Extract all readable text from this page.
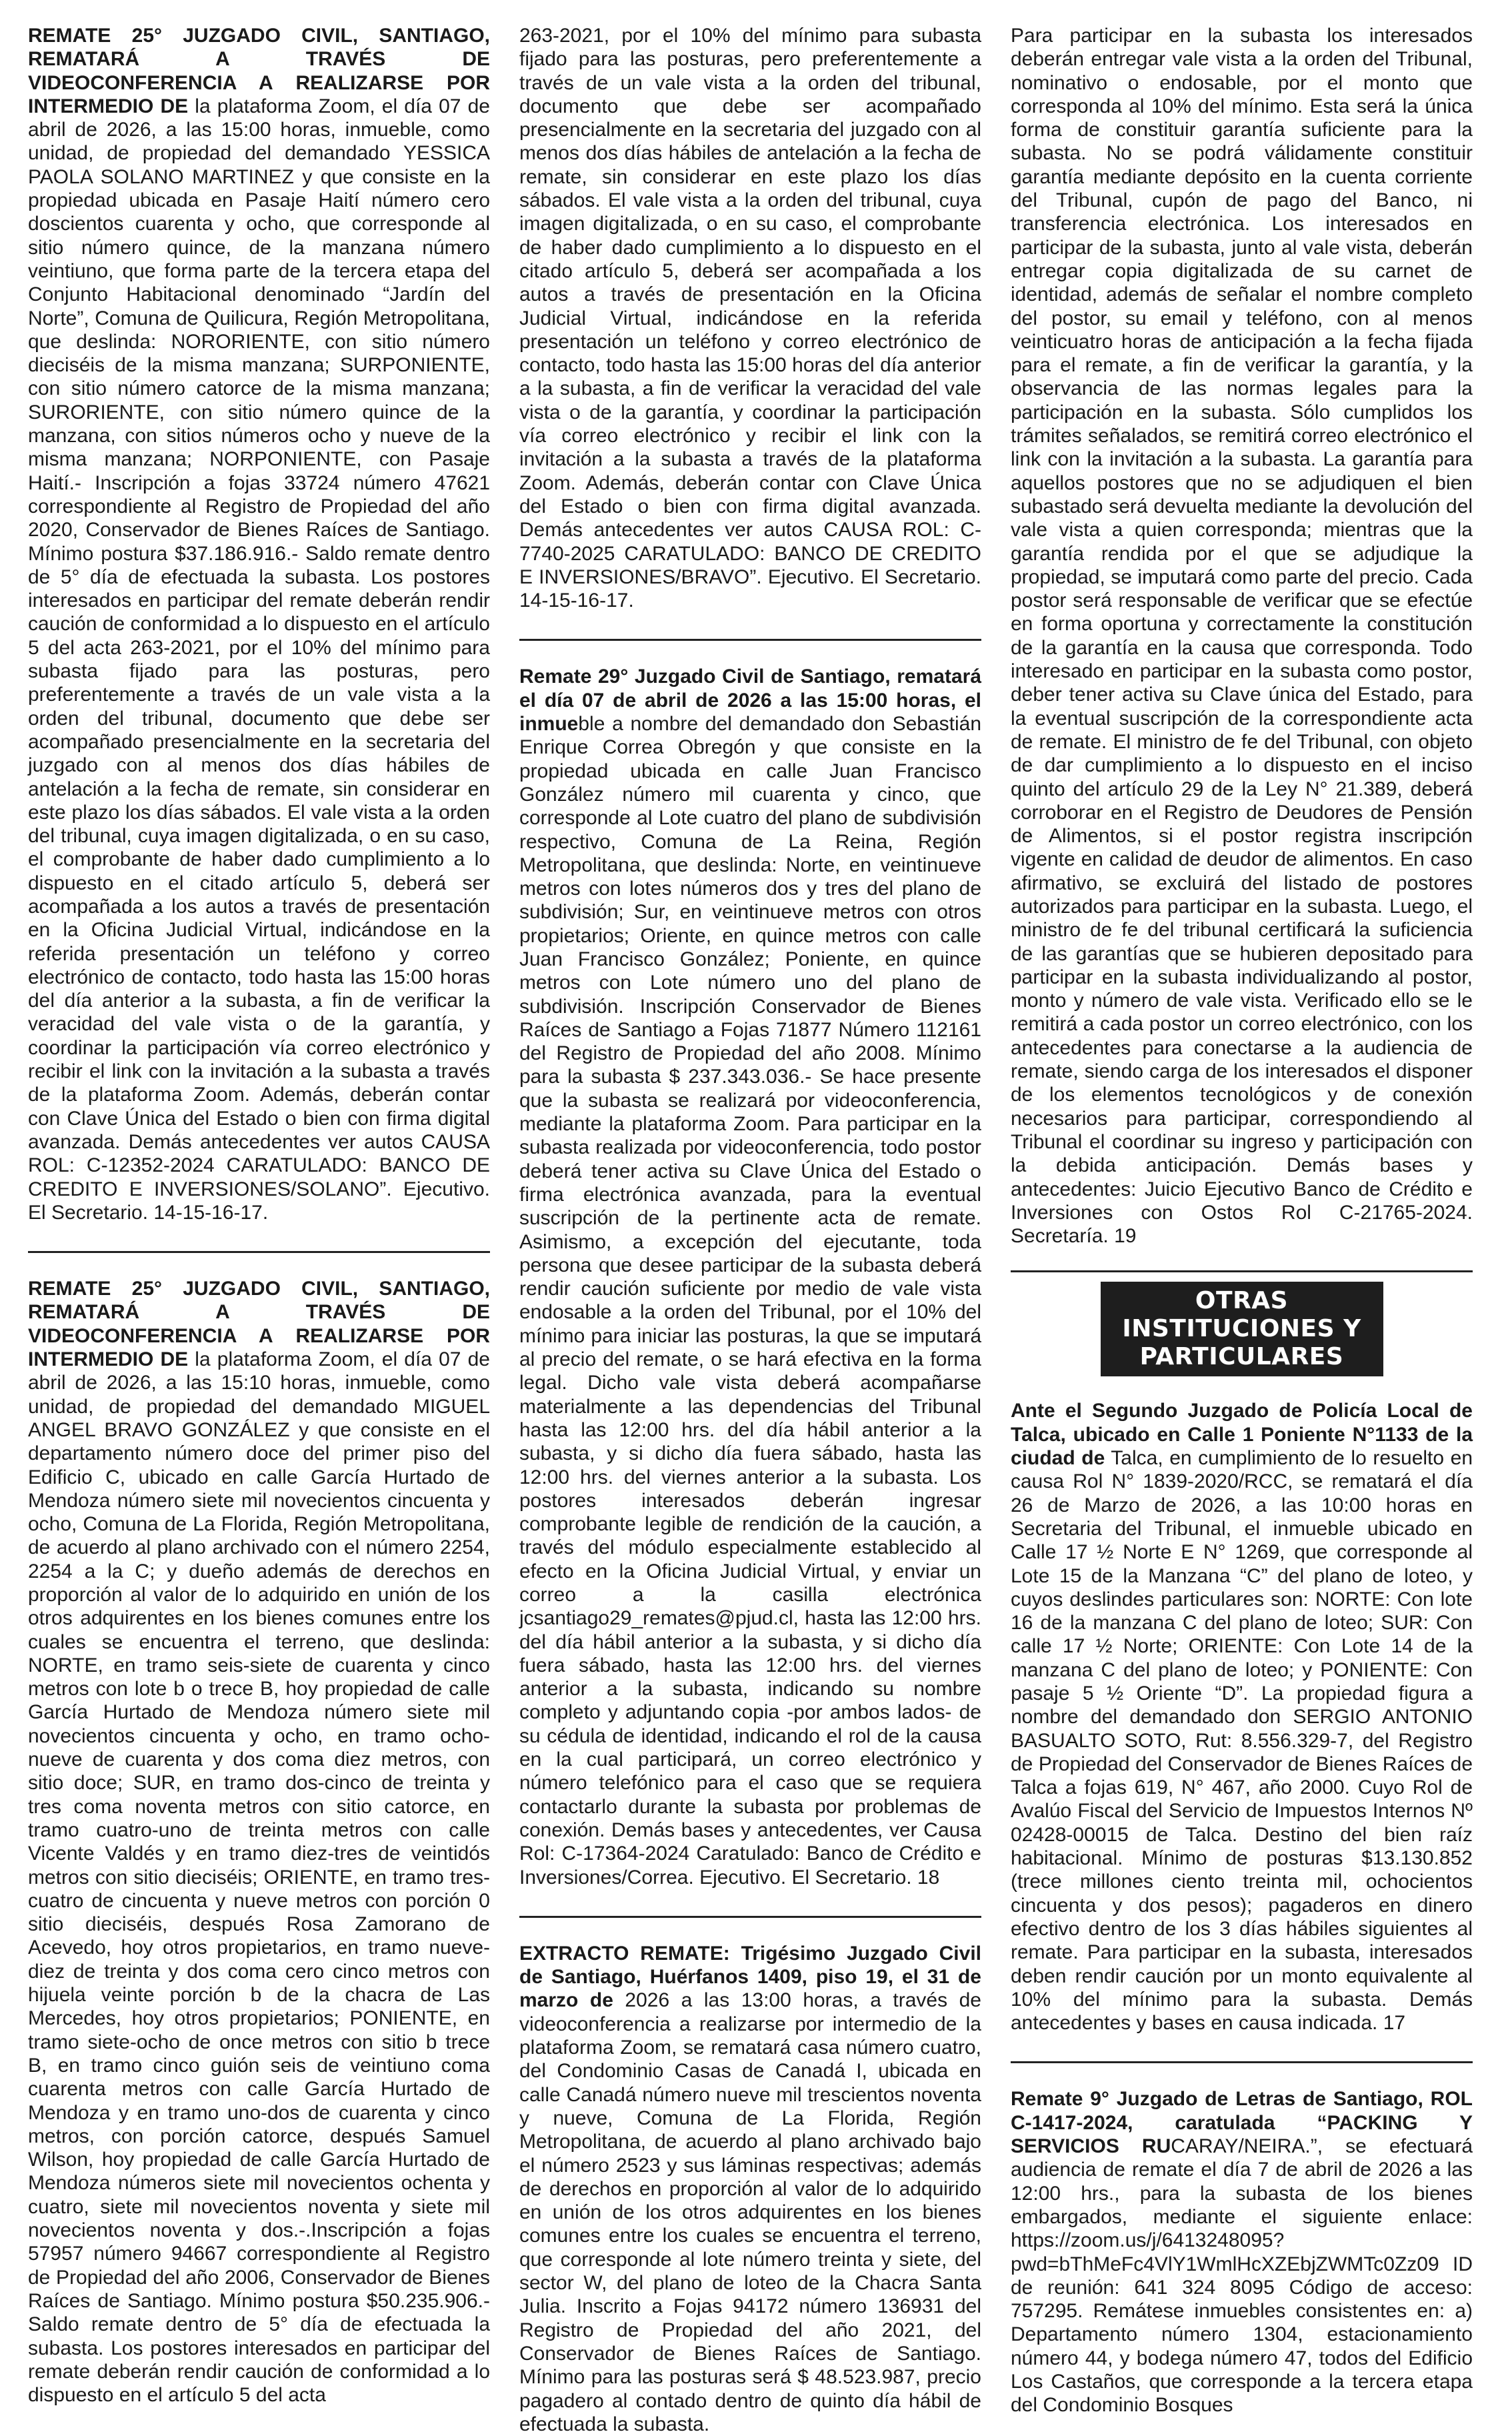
REMATE 25° JUZGADO CIVIL, SANTIAGO, REMATARÁ A TRAVÉS DE VIDEOCONFERENCIA A REALIZARSE POR INTERMEDIO DE la plataforma Zoom, el día 07 de abril de 2026, a las 15:00 horas, inmueble, como unidad, de propiedad del demandado YESSICA PAOLA SOLANO MARTINEZ y que consiste en la propiedad ubicada en Pasaje Haití número cero doscientos cuarenta y ocho, que corresponde al sitio número quince, de la manzana número veintiuno, que forma parte de la tercera etapa del Conjunto Habitacional denominado “Jardín del Norte”, Comuna de Quilicura, Región Metropolitana, que deslinda: NORORIENTE, con sitio número dieciséis de la misma manzana; SURPONIENTE, con sitio número catorce de la misma manzana; SURORIENTE, con sitio número quince de la manzana, con sitios números ocho y nueve de la misma manzana; NORPONIENTE, con Pasaje Haití.- Inscripción a fojas 33724 número 47621 correspondiente al Registro de Propiedad del año 2020, Conservador de Bienes Raíces de Santiago. Mínimo postura $37.186.916.- Saldo remate dentro de 5° día de efectuada la subasta. Los postores interesados en participar del remate deberán rendir caución de conformidad a lo dispuesto en el artículo 5 del acta 263-2021, por el 10% del mínimo para subasta fijado para las posturas, pero preferentemente a través de un vale vista a la orden del tribunal, documento que debe ser acompañado presencialmente en la secretaria del juzgado con al menos dos días hábiles de antelación a la fecha de remate, sin considerar en este plazo los días sábados. El vale vista a la orden del tribunal, cuya imagen digitalizada, o en su caso, el comprobante de haber dado cumplimiento a lo dispuesto en el citado artículo 5, deberá ser acompañada a los autos a través de presentación en la Oficina Judicial Virtual, indicándose en la referida presentación un teléfono y correo electrónico de contacto, todo hasta las 15:00 horas del día anterior a la subasta, a fin de verificar la veracidad del vale vista o de la garantía, y coordinar la participación vía correo electrónico y recibir el link con la invitación a la subasta a través de la plataforma Zoom. Además, deberán contar con Clave Única del Estado o bien con firma digital avanzada. Demás antecedentes ver autos CAUSA ROL: C-12352-2024 CARATULADO: BANCO DE CREDITO E INVERSIONES/SOLANO”. Ejecutivo. El Secretario. 14-15-16-17.

REMATE 25° JUZGADO CIVIL, SANTIAGO, REMATARÁ A TRAVÉS DE VIDEOCONFERENCIA A REALIZARSE POR INTERMEDIO DE la plataforma Zoom, el día 07 de abril de 2026, a las 15:10 horas, inmueble, como unidad, de propiedad del demandado MIGUEL ANGEL BRAVO GONZÁLEZ y que consiste en el departamento número doce del primer piso del Edificio C, ubicado en calle García Hurtado de Mendoza número siete mil novecientos cincuenta y ocho, Comuna de La Florida, Región Metropolitana, de acuerdo al plano archivado con el número 2254, 2254 a la C; y dueño además de derechos en proporción al valor de lo adquirido en unión de los otros adquirentes en los bienes comunes entre los cuales se encuentra el terreno, que deslinda: NORTE, en tramo seis-siete de cuarenta y cinco metros con lote b o trece B, hoy propiedad de calle García Hurtado de Mendoza número siete mil novecientos cincuenta y ocho, en tramo ocho-nueve de cuarenta y dos coma diez metros, con sitio doce; SUR, en tramo dos-cinco de treinta y tres coma noventa metros con sitio catorce, en tramo cuatro-uno de treinta metros con calle Vicente Valdés y en tramo diez-tres de veintidós metros con sitio dieciséis; ORIENTE, en tramo tres-cuatro de cincuenta y nueve metros con porción 0 sitio dieciséis, después Rosa Zamorano de Acevedo, hoy otros propietarios, en tramo nueve-diez de treinta y dos coma cero cinco metros con hijuela veinte porción b de la chacra de Las Mercedes, hoy otros propietarios; PONIENTE, en tramo siete-ocho de once metros con sitio b trece B, en tramo cinco guión seis de veintiuno coma cuarenta metros con calle García Hurtado de Mendoza y en tramo uno-dos de cuarenta y cinco metros, con porción catorce, después Samuel Wilson, hoy propiedad de calle García Hurtado de Mendoza números siete mil novecientos ochenta y cuatro, siete mil novecientos noventa y siete mil novecientos noventa y dos.-.Inscripción a fojas 57957 número 94667 correspondiente al Registro de Propiedad del año 2006, Conservador de Bienes Raíces de Santiago. Mínimo postura $50.235.906.- Saldo remate dentro de 5° día de efectuada la subasta. Los postores interesados en participar del remate deberán rendir caución de conformidad a lo dispuesto en el artículo 5 del acta

263-2021, por el 10% del mínimo para subasta fijado para las posturas, pero preferentemente a través de un vale vista a la orden del tribunal, documento que debe ser acompañado presencialmente en la secretaria del juzgado con al menos dos días hábiles de antelación a la fecha de remate, sin considerar en este plazo los días sábados. El vale vista a la orden del tribunal, cuya imagen digitalizada, o en su caso, el comprobante de haber dado cumplimiento a lo dispuesto en el citado artículo 5, deberá ser acompañada a los autos a través de presentación en la Oficina Judicial Virtual, indicándose en la referida presentación un teléfono y correo electrónico de contacto, todo hasta las 15:00 horas del día anterior a la subasta, a fin de verificar la veracidad del vale vista o de la garantía, y coordinar la participación vía correo electrónico y recibir el link con la invitación a la subasta a través de la plataforma Zoom. Además, deberán contar con Clave Única del Estado o bien con firma digital avanzada. Demás antecedentes ver autos CAUSA ROL: C-7740-2025 CARATULADO: BANCO DE CREDITO E INVERSIONES/BRAVO”. Ejecutivo. El Secretario. 14-15-16-17.

Remate 29° Juzgado Civil de Santiago, rematará el día 07 de abril de 2026 a las 15:00 horas, el inmueble a nombre del demandado don Sebastián Enrique Correa Obregón y que consiste en la propiedad ubicada en calle Juan Francisco González número mil cuarenta y cinco, que corresponde al Lote cuatro del plano de subdivisión respectivo, Comuna de La Reina, Región Metropolitana, que deslinda: Norte, en veintinueve metros con lotes números dos y tres del plano de subdivisión; Sur, en veintinueve metros con otros propietarios; Oriente, en quince metros con calle Juan Francisco González; Poniente, en quince metros con Lote número uno del plano de subdivisión. Inscripción Conservador de Bienes Raíces de Santiago a Fojas 71877 Número 112161 del Registro de Propiedad del año 2008. Mínimo para la subasta $ 237.343.036.- Se hace presente que la subasta se realizará por videoconferencia, mediante la plataforma Zoom. Para participar en la subasta realizada por videoconferencia, todo postor deberá tener activa su Clave Única del Estado o firma electrónica avanzada, para la eventual suscripción de la pertinente acta de remate. Asimismo, a excepción del ejecutante, toda persona que desee participar de la subasta deberá rendir caución suficiente por medio de vale vista endosable a la orden del Tribunal, por el 10% del mínimo para iniciar las posturas, la que se imputará al precio del remate, o se hará efectiva en la forma legal. Dicho vale vista deberá acompañarse materialmente a las dependencias del Tribunal hasta las 12:00 hrs. del día hábil anterior a la subasta, y si dicho día fuera sábado, hasta las 12:00 hrs. del viernes anterior a la subasta. Los postores interesados deberán ingresar comprobante legible de rendición de la caución, a través del módulo especialmente establecido al efecto en la Oficina Judicial Virtual, y enviar un correo a la casilla electrónica jcsantiago29_remates@pjud.cl, hasta las 12:00 hrs. del día hábil anterior a la subasta, y si dicho día fuera sábado, hasta las 12:00 hrs. del viernes anterior a la subasta, indicando su nombre completo y adjuntando copia -por ambos lados- de su cédula de identidad, indicando el rol de la causa en la cual participará, un correo electrónico y número telefónico para el caso que se requiera contactarlo durante la subasta por problemas de conexión. Demás bases y antecedentes, ver Causa Rol: C-17364-2024 Caratulado: Banco de Crédito e Inversiones/Correa. Ejecutivo. El Secretario. 18

EXTRACTO REMATE: Trigésimo Juzgado Civil de Santiago, Huérfanos 1409, piso 19, el 31 de marzo de 2026 a las 13:00 horas, a través de videoconferencia a realizarse por intermedio de la plataforma Zoom, se rematará casa número cuatro, del Condominio Casas de Canadá I, ubicada en calle Canadá número nueve mil trescientos noventa y nueve, Comuna de La Florida, Región Metropolitana, de acuerdo al plano archivado bajo el número 2523 y sus láminas respectivas; además de derechos en proporción al valor de lo adquirido en unión de los otros adquirentes en los bienes comunes entre los cuales se encuentra el terreno, que corresponde al lote número treinta y siete, del sector W, del plano de loteo de la Chacra Santa Julia. Inscrito a Fojas 94172 número 136931 del Registro de Propiedad del año 2021, del Conservador de Bienes Raíces de Santiago. Mínimo para las posturas será $ 48.523.987, precio pagadero al contado dentro de quinto día hábil de efectuada la subasta.

Para participar en la subasta los interesados deberán entregar vale vista a la orden del Tribunal, nominativo o endosable, por el monto que corresponda al 10% del mínimo. Esta será la única forma de constituir garantía suficiente para la subasta. No se podrá válidamente constituir garantía mediante depósito en la cuenta corriente del Tribunal, cupón de pago del Banco, ni transferencia electrónica. Los interesados en participar de la subasta, junto al vale vista, deberán entregar copia digitalizada de su carnet de identidad, además de señalar el nombre completo del postor, su email y teléfono, con al menos veinticuatro horas de anticipación a la fecha fijada para el remate, a fin de verificar la garantía, y la observancia de las normas legales para la participación en la subasta. Sólo cumplidos los trámites señalados, se remitirá correo electrónico el link con la invitación a la subasta. La garantía para aquellos postores que no se adjudiquen el bien subastado será devuelta mediante la devolución del vale vista a quien corresponda; mientras que la garantía rendida por el que se adjudique la propiedad, se imputará como parte del precio. Cada postor será responsable de verificar que se efectúe en forma oportuna y correctamente la constitución de la garantía en la causa que corresponda. Todo interesado en participar en la subasta como postor, deber tener activa su Clave única del Estado, para la eventual suscripción de la correspondiente acta de remate. El ministro de fe del Tribunal, con objeto de dar cumplimiento a lo dispuesto en el inciso quinto del artículo 29 de la Ley N° 21.389, deberá corroborar en el Registro de Deudores de Pensión de Alimentos, si el postor registra inscripción vigente en calidad de deudor de alimentos. En caso afirmativo, se excluirá del listado de postores autorizados para participar en la subasta. Luego, el ministro de fe del tribunal certificará la suficiencia de las garantías que se hubieren depositado para participar en la subasta individualizando al postor, monto y número de vale vista. Verificado ello se le remitirá a cada postor un correo electrónico, con los antecedentes para conectarse a la audiencia de remate, siendo carga de los interesados el disponer de los elementos tecnológicos y de conexión necesarios para participar, correspondiendo al Tribunal el coordinar su ingreso y participación con la debida anticipación. Demás bases y antecedentes: Juicio Ejecutivo Banco de Crédito e Inversiones con Ostos Rol C-21765-2024. Secretaría. 19

OTRAS INSTITUCIONES Y PARTICULARES

Ante el Segundo Juzgado de Policía Local de Talca, ubicado en Calle 1 Poniente N°1133 de la ciudad de Talca, en cumplimiento de lo resuelto en causa Rol N° 1839-2020/RCC, se rematará el día 26 de Marzo de 2026, a las 10:00 horas en Secretaria del Tribunal, el inmueble ubicado en Calle 17 ½ Norte E N° 1269, que corresponde al Lote 15 de la Manzana “C” del plano de loteo, y cuyos deslindes particulares son: NORTE: Con lote 16 de la manzana C del plano de loteo; SUR: Con calle 17 ½ Norte; ORIENTE: Con Lote 14 de la manzana C del plano de loteo; y PONIENTE: Con pasaje 5 ½ Oriente “D”. La propiedad figura a nombre del demandado don SERGIO ANTONIO BASUALTO SOTO, Rut: 8.556.329-7, del Registro de Propiedad del Conservador de Bienes Raíces de Talca a fojas 619, N° 467, año 2000. Cuyo Rol de Avalúo Fiscal del Servicio de Impuestos Internos Nº 02428-00015 de Talca. Destino del bien raíz habitacional. Mínimo de posturas $13.130.852 (trece millones ciento treinta mil, ochocientos cincuenta y dos pesos); pagaderos en dinero efectivo dentro de los 3 días hábiles siguientes al remate. Para participar en la subasta, interesados deben rendir caución por un monto equivalente al 10% del mínimo para la subasta. Demás antecedentes y bases en causa indicada. 17

Remate 9° Juzgado de Letras de Santiago, ROL C-1417-2024, caratulada “PACKING Y SERVICIOS RUCARAY/NEIRA.”, se efectuará audiencia de remate el día 7 de abril de 2026 a las 12:00 hrs., para la subasta de los bienes embargados, mediante el siguiente enlace: https://zoom.us/j/6413248095?pwd=bThMeFc4VlY1WmlHcXZEbjZWMTc0Zz09 ID de reunión: 641 324 8095 Código de acceso: 757295. Remátese inmuebles consistentes en: a) Departamento número 1304, estacionamiento número 44, y bodega número 47, todos del Edificio Los Castaños, que corresponde a la tercera etapa del Condominio Bosques
